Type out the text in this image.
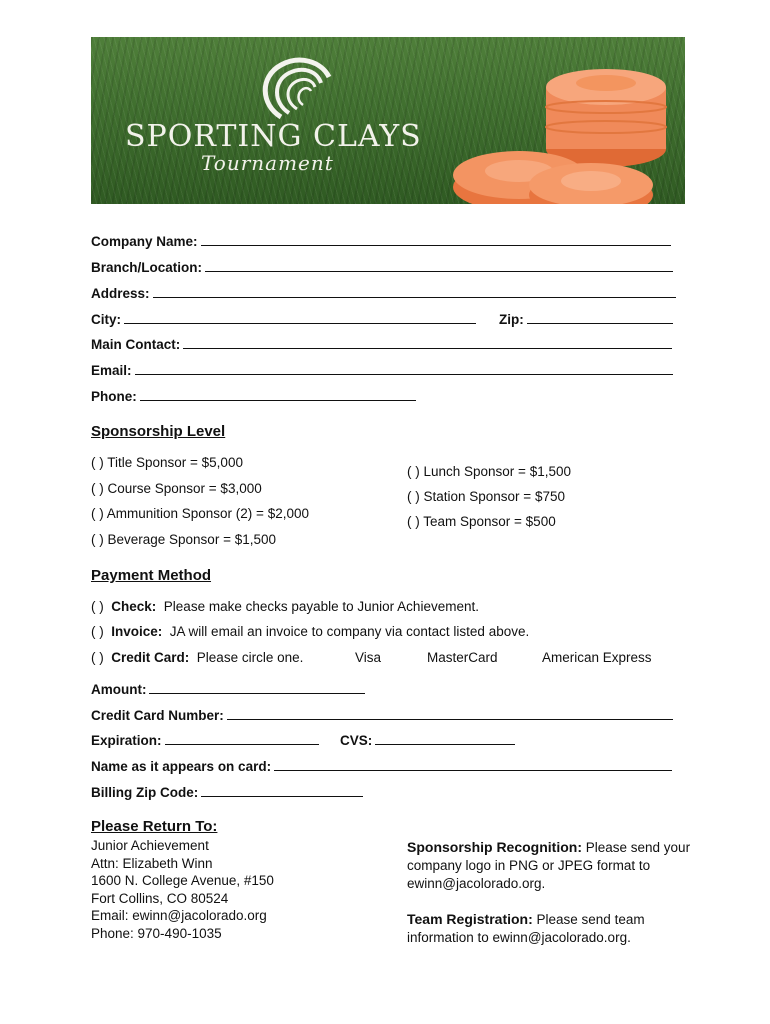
SPORTING CLAYS
Tournament
Company Name:
Branch/Location:
Address:
City:	Zip:
Main Contact:
Email:
Phone:
Sponsorship Level
( ) Title Sponsor = $5,000
( ) Course Sponsor = $3,000
( ) Ammunition Sponsor (2) = $2,000
( ) Beverage Sponsor = $1,500
( ) Lunch Sponsor = $1,500
( ) Station Sponsor = $750
( ) Team Sponsor = $500
Payment Method
( ) Check: Please make checks payable to Junior Achievement.
( ) Invoice: JA will email an invoice to company via contact listed above.
( ) Credit Card: Please circle one.	Visa	MasterCard	American Express
Amount:
Credit Card Number:
Expiration:	CVS:
Name as it appears on card:
Billing Zip Code:
Please Return To:
Junior Achievement
Attn: Elizabeth Winn
1600 N. College Avenue, #150
Fort Collins, CO 80524
Email: ewinn@jacolorado.org
Phone: 970-490-1035
Sponsorship Recognition: Please send your company logo in PNG or JPEG format to ewinn@jacolorado.org.
Team Registration: Please send team information to ewinn@jacolorado.org.
